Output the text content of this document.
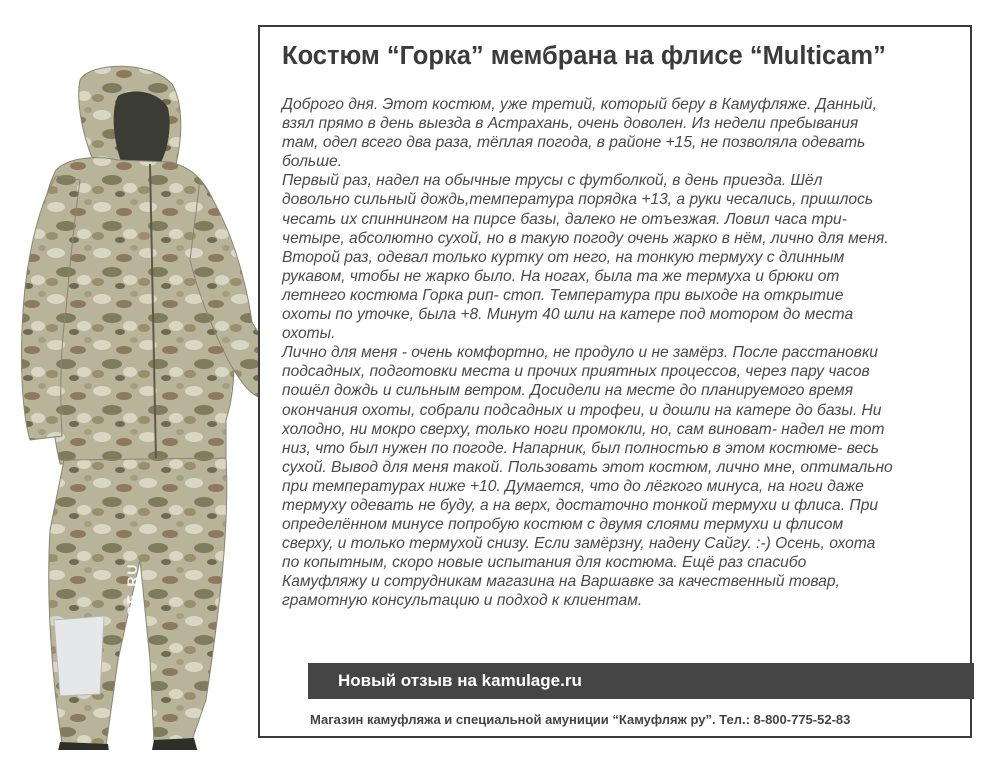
KAMUFLAGE.RU
Костюм “Горка” мембрана на флисе “Multicam”

Доброго дня. Этот костюм, уже третий, который беру в Камуфляже. Данный,
взял прямо в день выезда в Астрахань, очень доволен. Из недели пребывания
там, одел всего два раза, тёплая погода, в районе +15, не позволяла одевать
больше.

Первый раз, надел на обычные трусы с футболкой, в день приезда. Шёл
довольно сильный дождь,температура порядка +13, а руки чесались, пришлось
чесать их спиннингом на пирсе базы, далеко не отъезжая. Ловил часа три-
четыре, абсолютно сухой, но в такую погоду очень жарко в нём, лично для меня.

Второй раз, одевал только куртку от него, на тонкую термуху с длинным
рукавом, чтобы не жарко было. На ногах, была та же термуха и брюки от
летнего костюма Горка рип- стоп. Температура при выходе на открытие
охоты по уточке, была +8. Минут 40 шли на катере под мотором до места
охоты.

Лично для меня - очень комфортно, не продуло и не замёрз. После расстановки
подсадных, подготовки места и прочих приятных процессов, через пару часов
пошёл дождь и сильным ветром. Досидели на месте до планируемого время
окончания охоты, собрали подсадных и трофеи, и дошли на катере до базы. Ни
холодно, ни мокро сверху, только ноги промокли, но, сам виноват- надел не тот
низ, что был нужен по погоде. Напарник, был полностью в этом костюме- весь
сухой. Вывод для меня такой. Пользовать этот костюм, лично мне, оптимально
при температурах ниже +10. Думается, что до лёгкого минуса, на ноги даже
термуху одевать не буду, а на верх, достаточно тонкой термухи и флиса. При
определённом минусе попробую костюм с двумя слоями термухи и флисом
сверху, и только термухой снизу. Если замёрзну, надену Сайгу. :-) Осень, охота
по копытным, скоро новые испытания для костюма. Ещё раз спасибо
Камуфляжу и сотрудникам магазина на Варшавке за качественный товар,
грамотную консультацию и подход к клиентам.

Новый отзыв на kamulage.ru
Магазин камуфляжа и специальной амуниции “Камуфляж ру”. Тел.: 8-800-775-52-83
